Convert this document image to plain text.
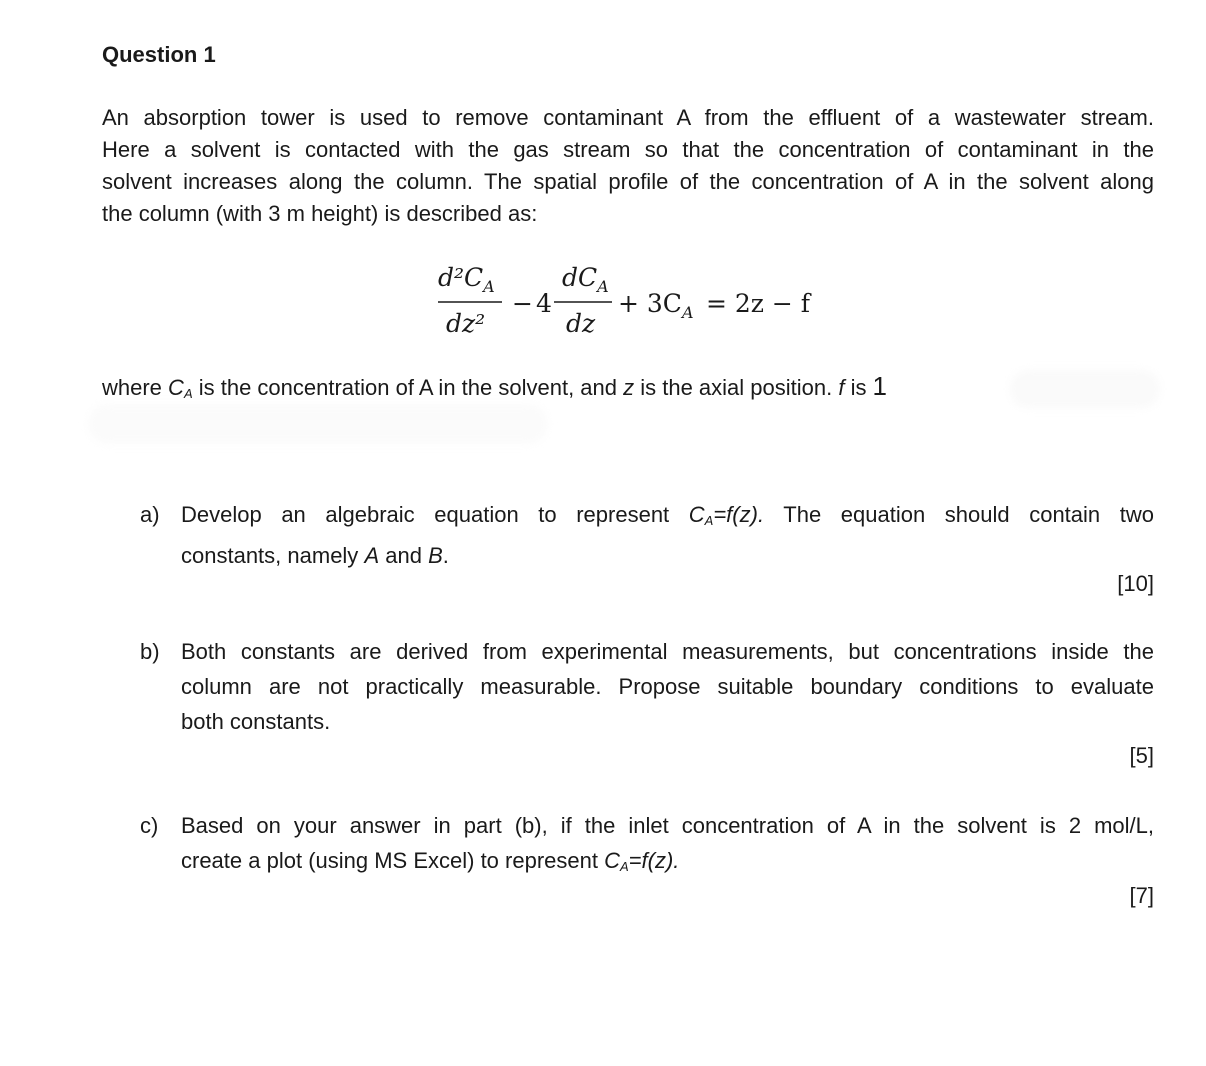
Question 1
An absorption tower is used to remove contaminant A from the effluent of a wastewater stream.
Here a solvent is contacted with the gas stream so that the concentration of contaminant in the
solvent increases along the column. The spatial profile of the concentration of A in the solvent along
the column (with 3 m height) is described as:
$d^2C_A$
dz²
− 4
$dC_A$
dz
+ $3C_A = 2z - f$
where $C_A$ is the concentration of A in the solvent, and z is the axial position. f is 1
a) Develop an algebraic equation to represent $C_A=f(z)$. The equation should contain two
constants, namely A and B.
[10]
b) Both constants are derived from experimental measurements, but concentrations inside the
column are not practically measurable. Propose suitable boundary conditions to evaluate
both constants.
[5]
c) Based on your answer in part (b), if the inlet concentration of A in the solvent is 2 mol/L,
create a plot (using MS Excel) to represent $C_A=f(z)$.
[7]
